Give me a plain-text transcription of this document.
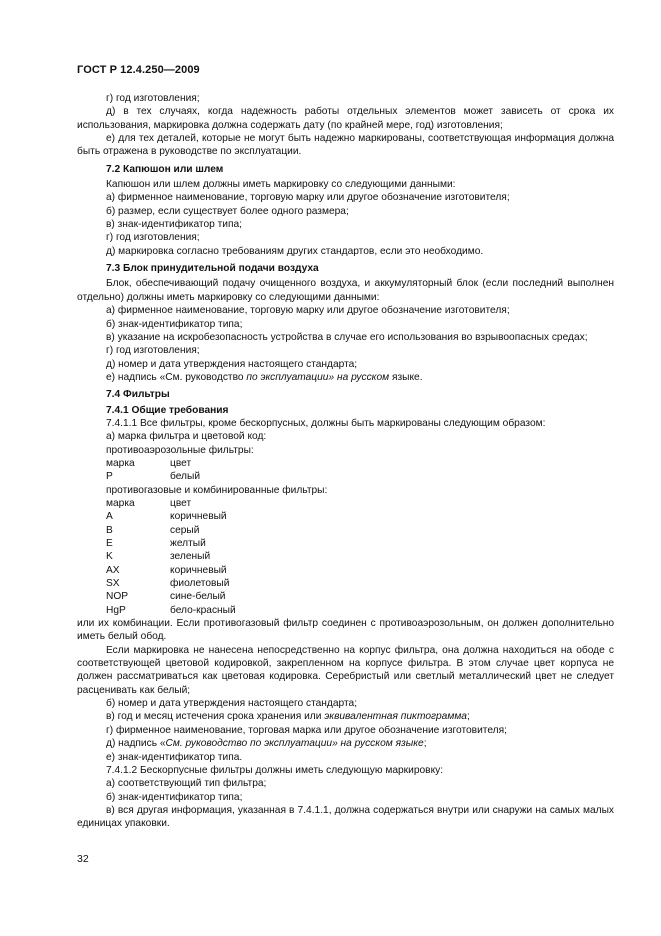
ГОСТ Р 12.4.250—2009

г) год изготовления;

д) в тех случаях, когда надежность работы отдельных элементов может зависеть от срока их использования, маркировка должна содержать дату (по крайней мере, год) изготовления;

е) для тех деталей, которые не могут быть надежно маркированы, соответствующая информация должна быть отражена в руководстве по эксплуатации.

7.2 Капюшон или шлем

Капюшон или шлем должны иметь маркировку со следующими данными:

а) фирменное наименование, торговую марку или другое обозначение изготовителя;

б) размер, если существует более одного размера;

в) знак-идентификатор типа;

г) год изготовления;

д) маркировка согласно требованиям других стандартов, если это необходимо.

7.3 Блок принудительной подачи воздуха

Блок, обеспечивающий подачу очищенного воздуха, и аккумуляторный блок (если последний выполнен отдельно) должны иметь маркировку со следующими данными:

а) фирменное наименование, торговую марку или другое обозначение изготовителя;

б) знак-идентификатор типа;

в) указание на искробезопасность устройства в случае его использования во взрывоопасных средах;

г) год изготовления;

д) номер и дата утверждения настоящего стандарта;

е) надпись «См. руководство по эксплуатации» на русском языке.

7.4 Фильтры

7.4.1 Общие требования

7.4.1.1 Все фильтры, кроме бескорпусных, должны быть маркированы следующим образом:

а) марка фильтра и цветовой код:

противоаэрозольные фильтры:

марка	цвет
P	белый

противогазовые и комбинированные фильтры:

марка	цвет
A	коричневый
B	серый
E	желтый
K	зеленый
AX	коричневый
SX	фиолетовый
NOP	сине-белый
HgP	бело-красный

или их комбинации. Если противогазовый фильтр соединен с противоаэрозольным, он должен дополнительно иметь белый обод.

Если маркировка не нанесена непосредственно на корпус фильтра, она должна находиться на ободе с соответствующей цветовой кодировкой, закрепленном на корпусе фильтра. В этом случае цвет корпуса не должен рассматриваться как цветовая кодировка. Серебристый или светлый металлический цвет не следует расценивать как белый;

б) номер и дата утверждения настоящего стандарта;

в) год и месяц истечения срока хранения или эквивалентная пиктограмма;

г) фирменное наименование, торговая марка или другое обозначение изготовителя;

д) надпись «См. руководство по эксплуатации» на русском языке;

е) знак-идентификатор типа.

7.4.1.2 Бескорпусные фильтры должны иметь следующую маркировку:

а) соответствующий тип фильтра;

б) знак-идентификатор типа;

в) вся другая информация, указанная в 7.4.1.1, должна содержаться внутри или снаружи на самых малых единицах упаковки.

32
